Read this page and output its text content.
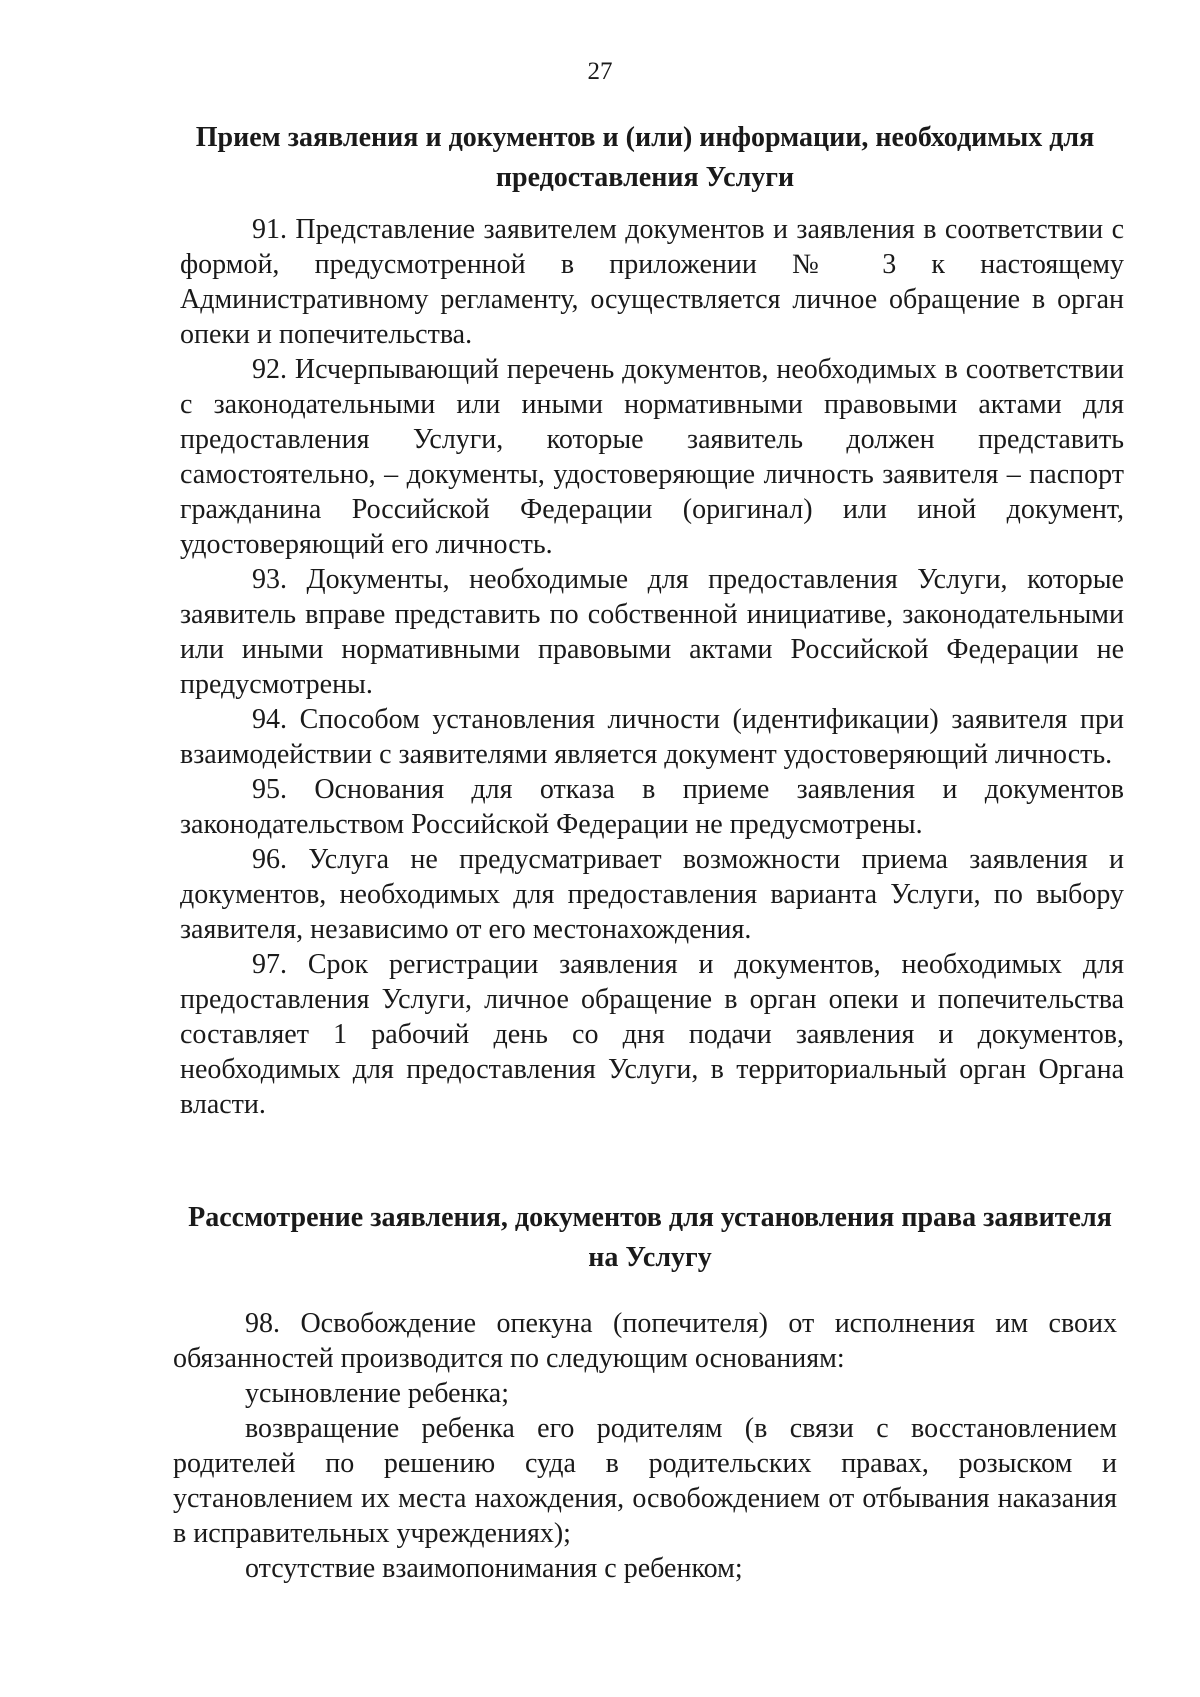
27
Прием заявления и документов и (или) информации, необходимых для предоставления Услуги

91. Представление заявителем документов и заявления в соответствии с формой, предусмотренной в приложении № 3 к настоящему Административному регламенту, осуществляется личное обращение в орган опеки и попечительства.

92. Исчерпывающий перечень документов, необходимых в соответствии с законодательными или иными нормативными правовыми актами для предоставления Услуги, которые заявитель должен представить самостоятельно, – документы, удостоверяющие личность заявителя – паспорт гражданина Российской Федерации (оригинал) или иной документ, удостоверяющий его личность.

93. Документы, необходимые для предоставления Услуги, которые заявитель вправе представить по собственной инициативе, законодательными или иными нормативными правовыми актами Российской Федерации не предусмотрены.

94. Способом установления личности (идентификации) заявителя при взаимодействии с заявителями является документ удостоверяющий личность.

95. Основания для отказа в приеме заявления и документов законодательством Российской Федерации не предусмотрены.

96. Услуга не предусматривает возможности приема заявления и документов, необходимых для предоставления варианта Услуги, по выбору заявителя, независимо от его местонахождения.

97. Срок регистрации заявления и документов, необходимых для предоставления Услуги, личное обращение в орган опеки и попечительства составляет 1 рабочий день со дня подачи заявления и документов, необходимых для предоставления Услуги, в территориальный орган Органа власти.

Рассмотрение заявления, документов для установления права заявителя на Услугу

98. Освобождение опекуна (попечителя) от исполнения им своих обязанностей производится по следующим основаниям:

усыновление ребенка;

возвращение ребенка его родителям (в связи с восстановлением родителей по решению суда в родительских правах, розыском и установлением их места нахождения, освобождением от отбывания наказания в исправительных учреждениях);

отсутствие взаимопонимания с ребенком;
